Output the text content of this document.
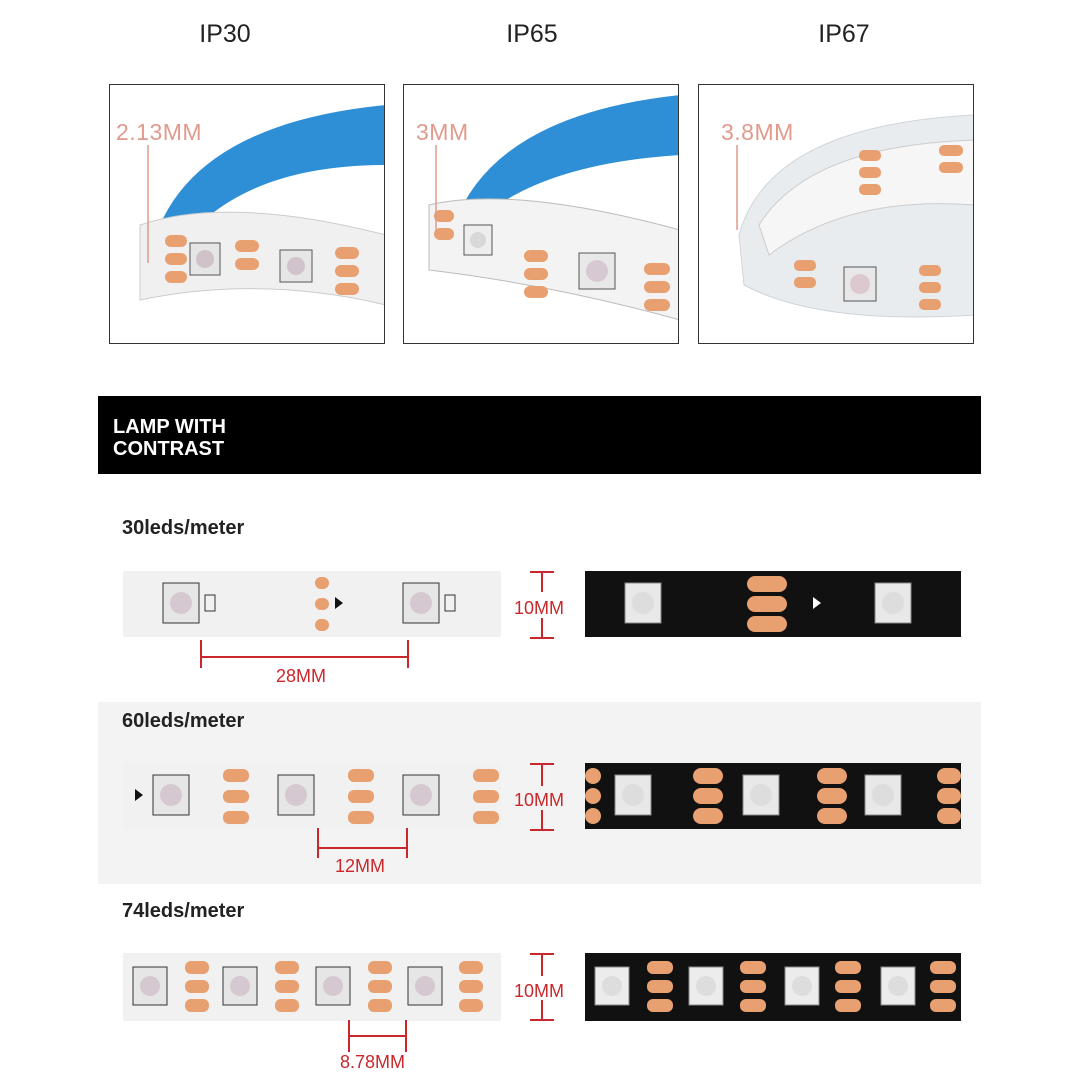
IP30	IP65	IP67
2.13MM	3MM	3.8MM
LAMP WITH
CONTRAST
30leds/meter
60leds/meter
74leds/meter
28MM
10MM
12MM
10MM
8.78MM
10MM
